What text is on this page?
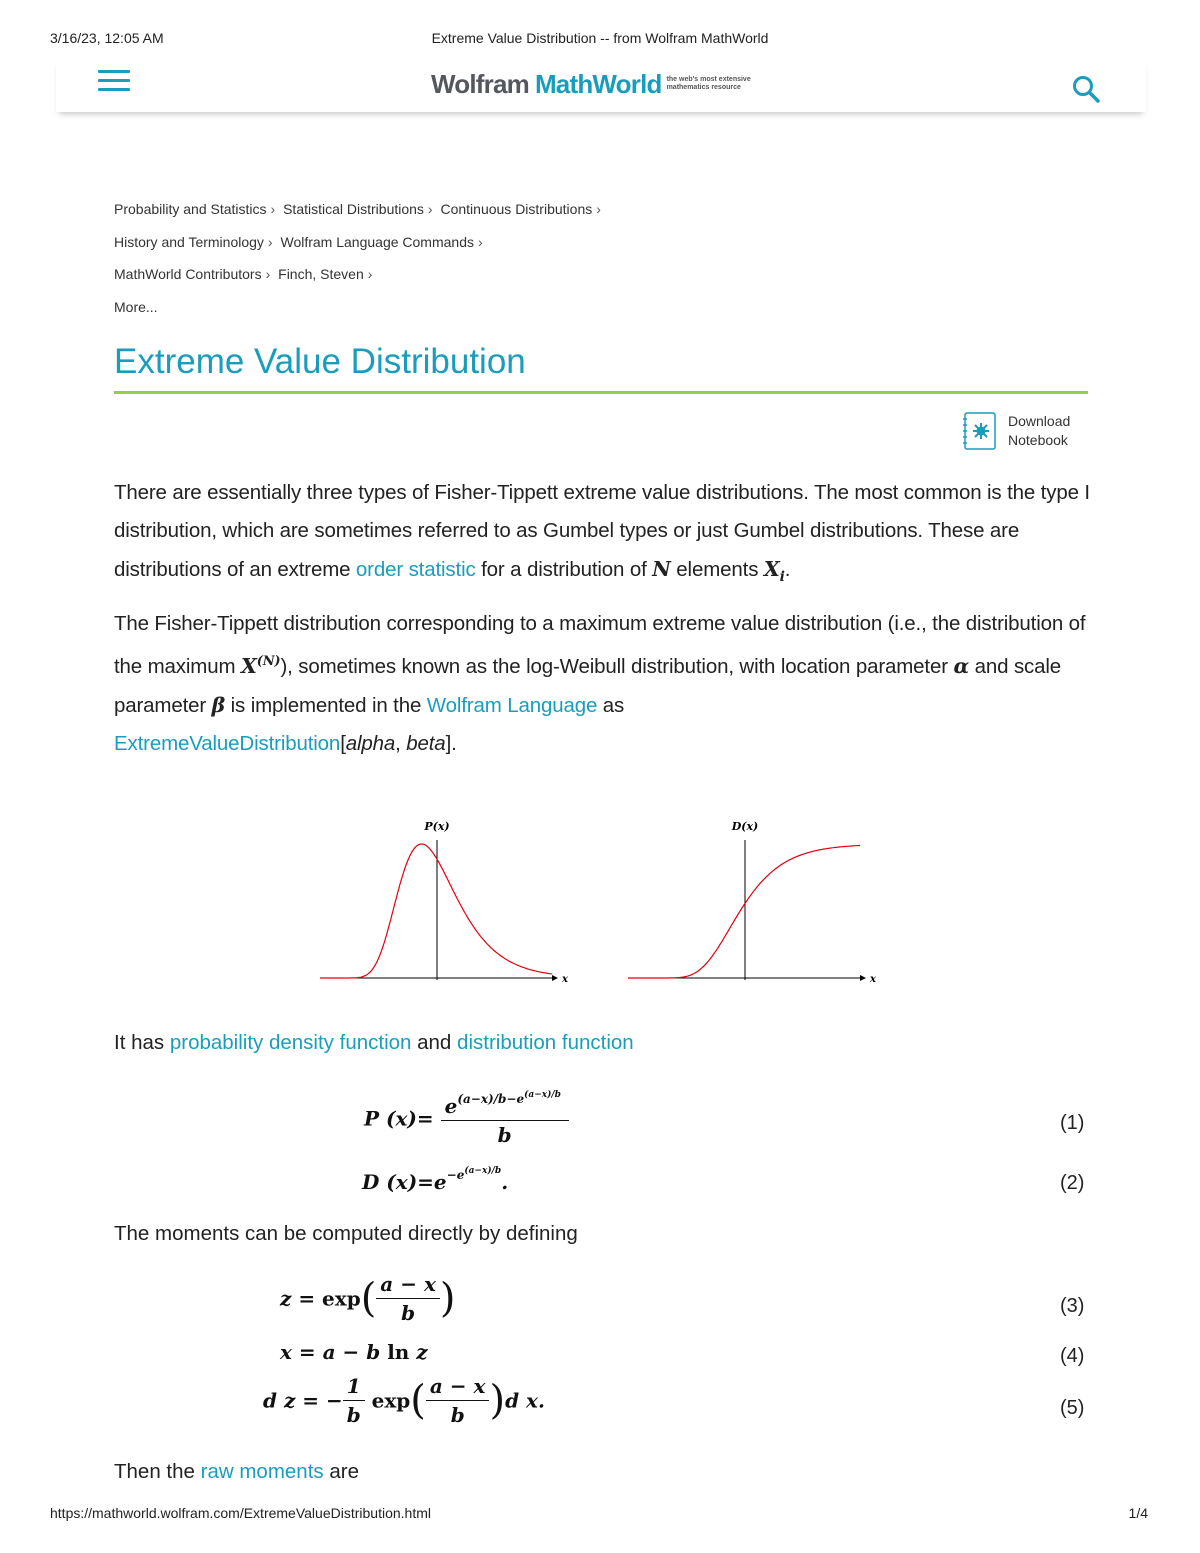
3/16/23, 12:05 AM	Extreme Value Distribution -- from Wolfram MathWorld
Wolfram MathWorld the web's most extensive
mathematics resource
Probability and Statistics › Statistical Distributions › Continuous Distributions ›
History and Terminology › Wolfram Language Commands ›
MathWorld Contributors › Finch, Steven ›
More...
Extreme Value Distribution
Download
Notebook

There are essentially three types of Fisher-Tippett extreme value distributions. The most common is the type I distribution, which are sometimes referred to as Gumbel types or just Gumbel distributions. These are distributions of an extreme order statistic for a distribution of N elements $X_i$.

The Fisher-Tippett distribution corresponding to a maximum extreme value distribution (i.e., the distribution of the maximum $X^{(N)}$), sometimes known as the log-Weibull distribution, with location parameter α and scale parameter β is implemented in the Wolfram Language as
ExtremeValueDistribution[alpha, beta].

P(x)
x
D(x)
x
It has probability density function and distribution function
P $(x)= \frac{e^{(a-x)/b-e(a-x)/b}}{b}$	(1)
D $(x)=e^{-e(a-x)/b}$.	(2)
The moments can be computed directly by defining
$z = \exp( \frac{a - x}{b}$ )	(3)
x = a − b ln z	(4)
d z = − $\frac{1}{b} \exp( \frac{a - x}{b} )d$ x.	(5)
Then the raw moments are
https://mathworld.wolfram.com/ExtremeValueDistribution.html	1/4
